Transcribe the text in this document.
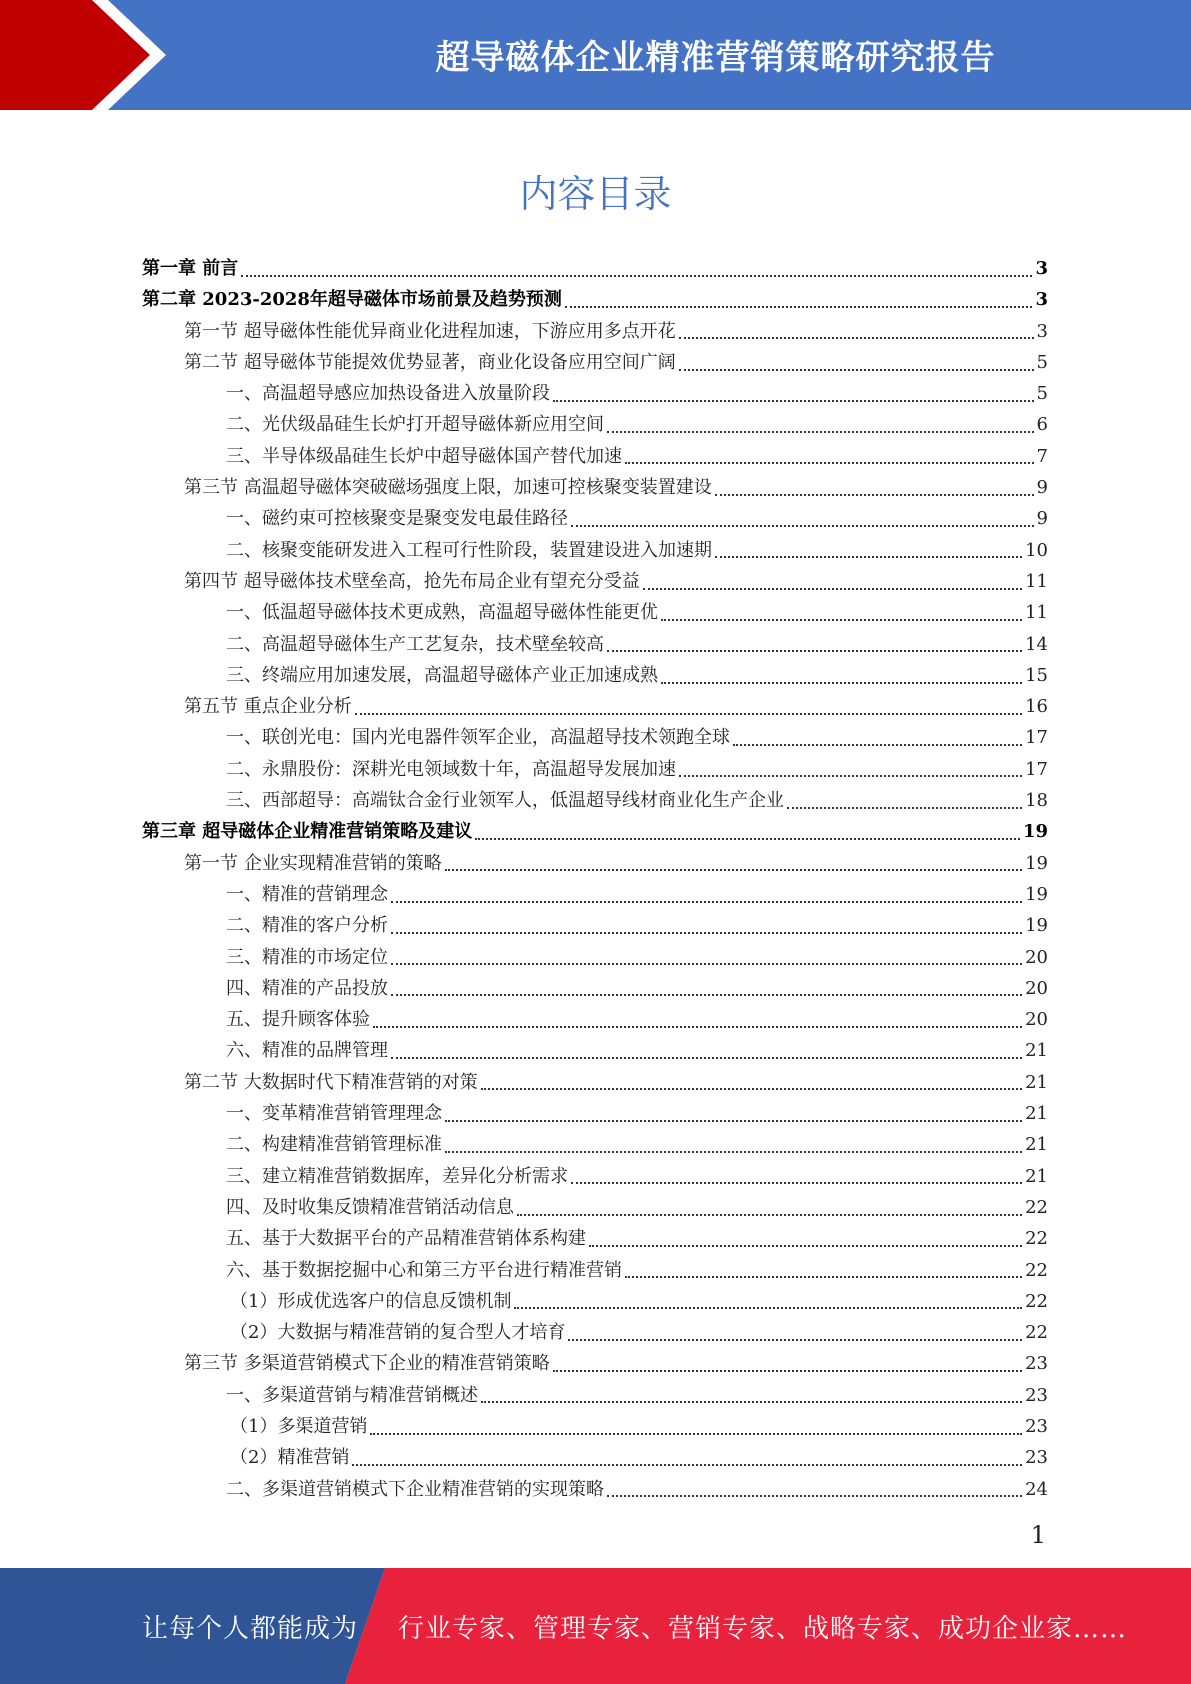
超导磁体企业精准营销策略研究报告
内容目录
第一章 前言	3
第二章 2023-2028年超导磁体市场前景及趋势预测	3
第一节 超导磁体性能优异商业化进程加速，下游应用多点开花	3
第二节 超导磁体节能提效优势显著，商业化设备应用空间广阔	5
一、高温超导感应加热设备进入放量阶段	5
二、光伏级晶硅生长炉打开超导磁体新应用空间	6
三、半导体级晶硅生长炉中超导磁体国产替代加速	7
第三节 高温超导磁体突破磁场强度上限，加速可控核聚变装置建设	9
一、磁约束可控核聚变是聚变发电最佳路径	9
二、核聚变能研发进入工程可行性阶段，装置建设进入加速期	10
第四节 超导磁体技术壁垒高，抢先布局企业有望充分受益	11
一、低温超导磁体技术更成熟，高温超导磁体性能更优	11
二、高温超导磁体生产工艺复杂，技术壁垒较高	14
三、终端应用加速发展，高温超导磁体产业正加速成熟	15
第五节 重点企业分析	16
一、联创光电：国内光电器件领军企业，高温超导技术领跑全球	17
二、永鼎股份：深耕光电领域数十年，高温超导发展加速	17
三、西部超导：高端钛合金行业领军人，低温超导线材商业化生产企业	18
第三章 超导磁体企业精准营销策略及建议	19
第一节 企业实现精准营销的策略	19
一、精准的营销理念	19
二、精准的客户分析	19
三、精准的市场定位	20
四、精准的产品投放	20
五、提升顾客体验	20
六、精准的品牌管理	21
第二节 大数据时代下精准营销的对策	21
一、变革精准营销管理理念	21
二、构建精准营销管理标准	21
三、建立精准营销数据库，差异化分析需求	21
四、及时收集反馈精准营销活动信息	22
五、基于大数据平台的产品精准营销体系构建	22
六、基于数据挖掘中心和第三方平台进行精准营销	22
（1）形成优选客户的信息反馈机制	22
（2）大数据与精准营销的复合型人才培育	22
第三节 多渠道营销模式下企业的精准营销策略	23
一、多渠道营销与精准营销概述	23
（1）多渠道营销	23
（2）精准营销	23
二、多渠道营销模式下企业精准营销的实现策略	24
1
让每个人都能成为 行业专家、管理专家、营销专家、战略专家、成功企业家……
